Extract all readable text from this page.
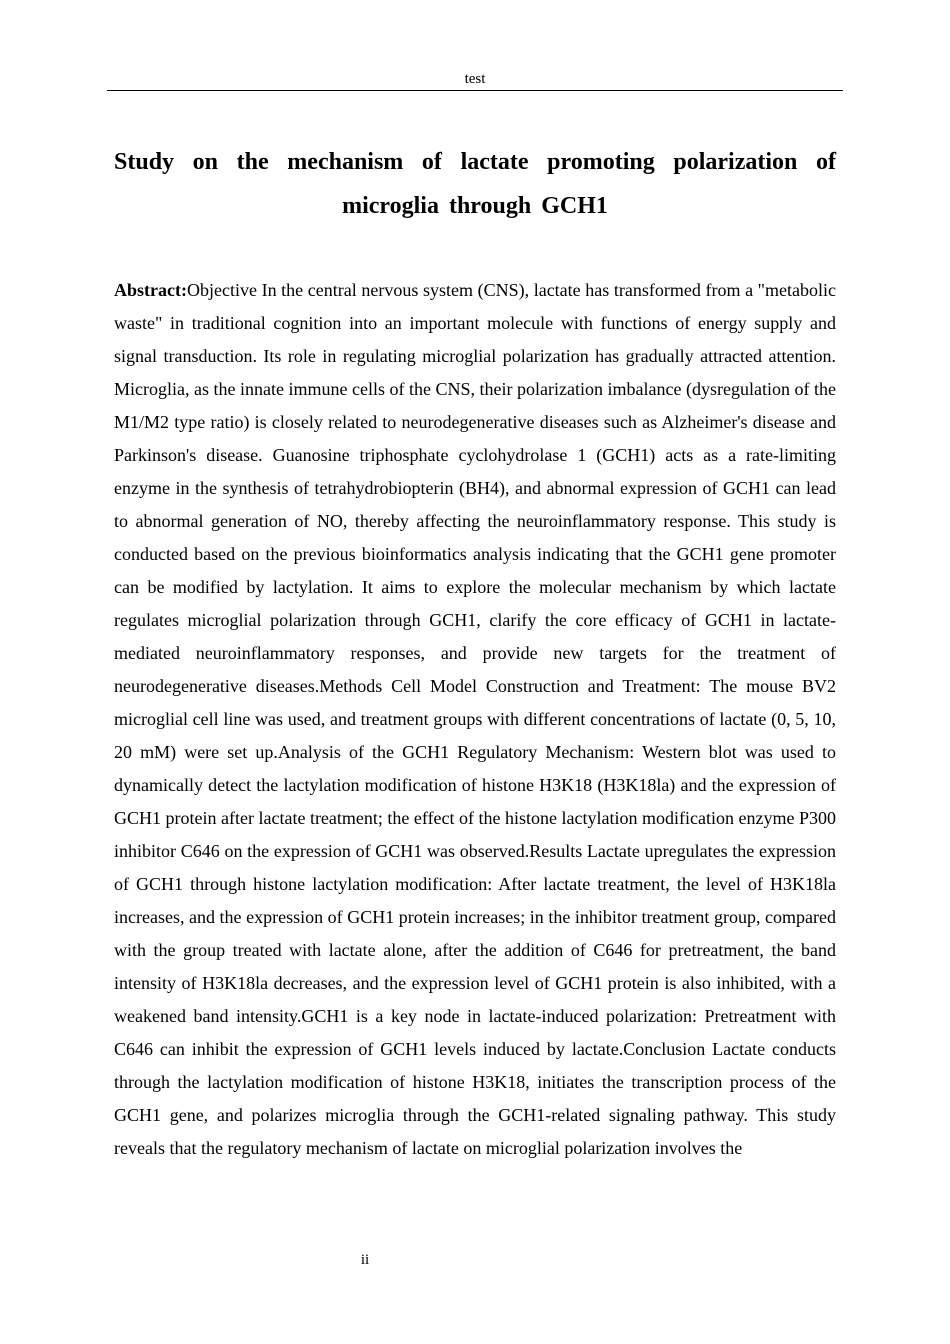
test
Study on the mechanism of lactate promoting polarization of microglia through GCH1

Abstract:Objective In the central nervous system (CNS), lactate has transformed from a "metabolic waste" in traditional cognition into an important molecule with functions of energy supply and signal transduction. Its role in regulating microglial polarization has gradually attracted attention. Microglia, as the innate immune cells of the CNS, their polarization imbalance (dysregulation of the M1/M2 type ratio) is closely related to neurodegenerative diseases such as Alzheimer's disease and Parkinson's disease. Guanosine triphosphate cyclohydrolase 1 (GCH1) acts as a rate-limiting enzyme in the synthesis of tetrahydrobiopterin (BH4), and abnormal expression of GCH1 can lead to abnormal generation of NO, thereby affecting the neuroinflammatory response. This study is conducted based on the previous bioinformatics analysis indicating that the GCH1 gene promoter can be modified by lactylation. It aims to explore the molecular mechanism by which lactate regulates microglial polarization through GCH1, clarify the core efficacy of GCH1 in lactate-mediated neuroinflammatory responses, and provide new targets for the treatment of neurodegenerative diseases.Methods Cell Model Construction and Treatment: The mouse BV2 microglial cell line was used, and treatment groups with different concentrations of lactate (0, 5, 10, 20 mM) were set up.Analysis of the GCH1 Regulatory Mechanism: Western blot was used to dynamically detect the lactylation modification of histone H3K18 (H3K18la) and the expression of GCH1 protein after lactate treatment; the effect of the histone lactylation modification enzyme P300 inhibitor C646 on the expression of GCH1 was observed.Results Lactate upregulates the expression of GCH1 through histone lactylation modification: After lactate treatment, the level of H3K18la increases, and the expression of GCH1 protein increases; in the inhibitor treatment group, compared with the group treated with lactate alone, after the addition of C646 for pretreatment, the band intensity of H3K18la decreases, and the expression level of GCH1 protein is also inhibited, with a weakened band intensity.GCH1 is a key node in lactate-induced polarization: Pretreatment with C646 can inhibit the expression of GCH1 levels induced by lactate.Conclusion Lactate conducts through the lactylation modification of histone H3K18, initiates the transcription process of the GCH1 gene, and polarizes microglia through the GCH1-related signaling pathway. This study reveals that the regulatory mechanism of lactate on microglial polarization involves the

ii
